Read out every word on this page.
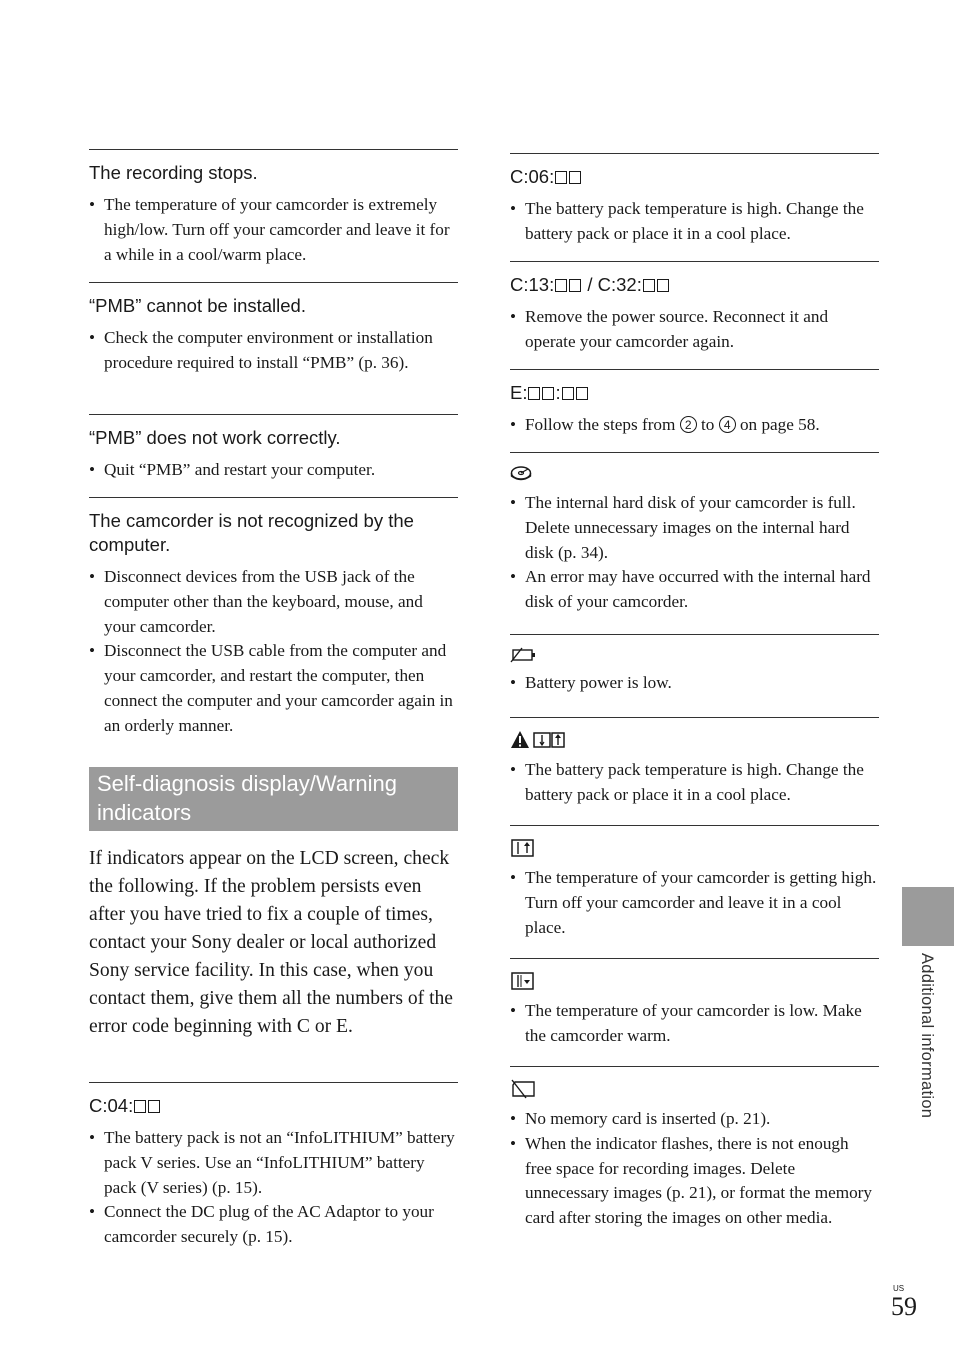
The recording stops.
• The temperature of your camcorder is extremely high/low. Turn off your camcorder and leave it for a while in a cool/warm place.
“PMB” cannot be installed.
• Check the computer environment or installation procedure required to install “PMB” (p. 36).
“PMB” does not work correctly.
• Quit “PMB” and restart your computer.
The camcorder is not recognized by the computer.
• Disconnect devices from the USB jack of the computer other than the keyboard, mouse, and your camcorder.
• Disconnect the USB cable from the computer and your camcorder, and restart the computer, then connect the computer and your camcorder again in an orderly manner.
Self-diagnosis display/Warning indicators
If indicators appear on the LCD screen, check the following. If the problem persists even after you have tried to fix a couple of times, contact your Sony dealer or local authorized Sony service facility. In this case, when you contact them, give them all the numbers of the error code beginning with C or E.
C:04:
• The battery pack is not an “InfoLITHIUM” battery pack V series. Use an “InfoLITHIUM” battery pack (V series) (p. 15).
• Connect the DC plug of the AC Adaptor to your camcorder securely (p. 15).
C:06:
• The battery pack temperature is high. Change the battery pack or place it in a cool place.
C:13: / C:32:
• Remove the power source. Reconnect it and operate your camcorder again.
E: :
• Follow the steps from 2 to 4 on page 58.
• The internal hard disk of your camcorder is full. Delete unnecessary images on the internal hard disk (p. 34).
• An error may have occurred with the internal hard disk of your camcorder.
• Battery power is low.
• The battery pack temperature is high. Change the battery pack or place it in a cool place.
• The temperature of your camcorder is getting high. Turn off your camcorder and leave it in a cool place.
• The temperature of your camcorder is low. Make the camcorder warm.
• No memory card is inserted (p. 21).
• When the indicator flashes, there is not enough free space for recording images. Delete unnecessary images (p. 21), or format the memory card after storing the images on other media.
Additional information
US
59
